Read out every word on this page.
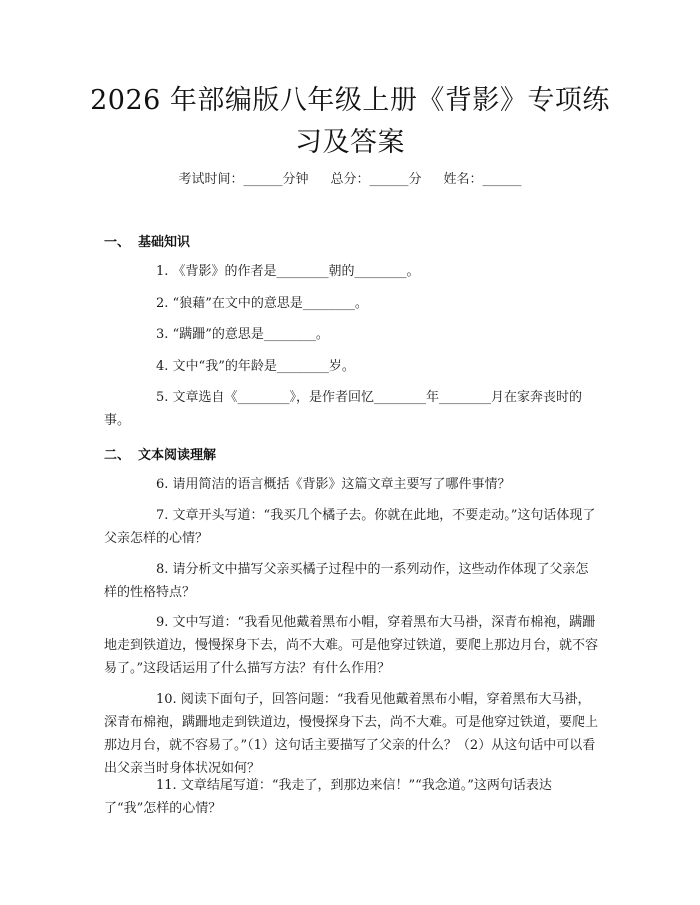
2026 年部编版八年级上册《背影》专项练习及答案
考试时间：______分钟 总分：______分 姓名：______
一、 基础知识
1. 《背影》的作者是________朝的________。
2. “狼藉”在文中的意思是________。
3. “蹒跚”的意思是________。
4. 文中“我”的年龄是________岁。
5. 文章选自《________》，是作者回忆________年________月在家奔丧时的事。
二、 文本阅读理解
6. 请用简洁的语言概括《背影》这篇文章主要写了哪件事情？
7. 文章开头写道：“我买几个橘子去。你就在此地，不要走动。”这句话体现了父亲怎样的心情？
8. 请分析文中描写父亲买橘子过程中的一系列动作，这些动作体现了父亲怎样的性格特点？
9. 文中写道：“我看见他戴着黑布小帽，穿着黑布大马褂，深青布棉袍，蹒跚地走到铁道边，慢慢探身下去，尚不大难。可是他穿过铁道，要爬上那边月台，就不容易了。”这段话运用了什么描写方法？有什么作用？
10. 阅读下面句子，回答问题：“我看见他戴着黑布小帽，穿着黑布大马褂，深青布棉袍，蹒跚地走到铁道边，慢慢探身下去，尚不大难。可是他穿过铁道，要爬上那边月台，就不容易了。”（1）这句话主要描写了父亲的什么？（2）从这句话中可以看出父亲当时身体状况如何？
11. 文章结尾写道：“我走了，到那边来信！”“我念道。”这两句话表达了“我”怎样的心情？
